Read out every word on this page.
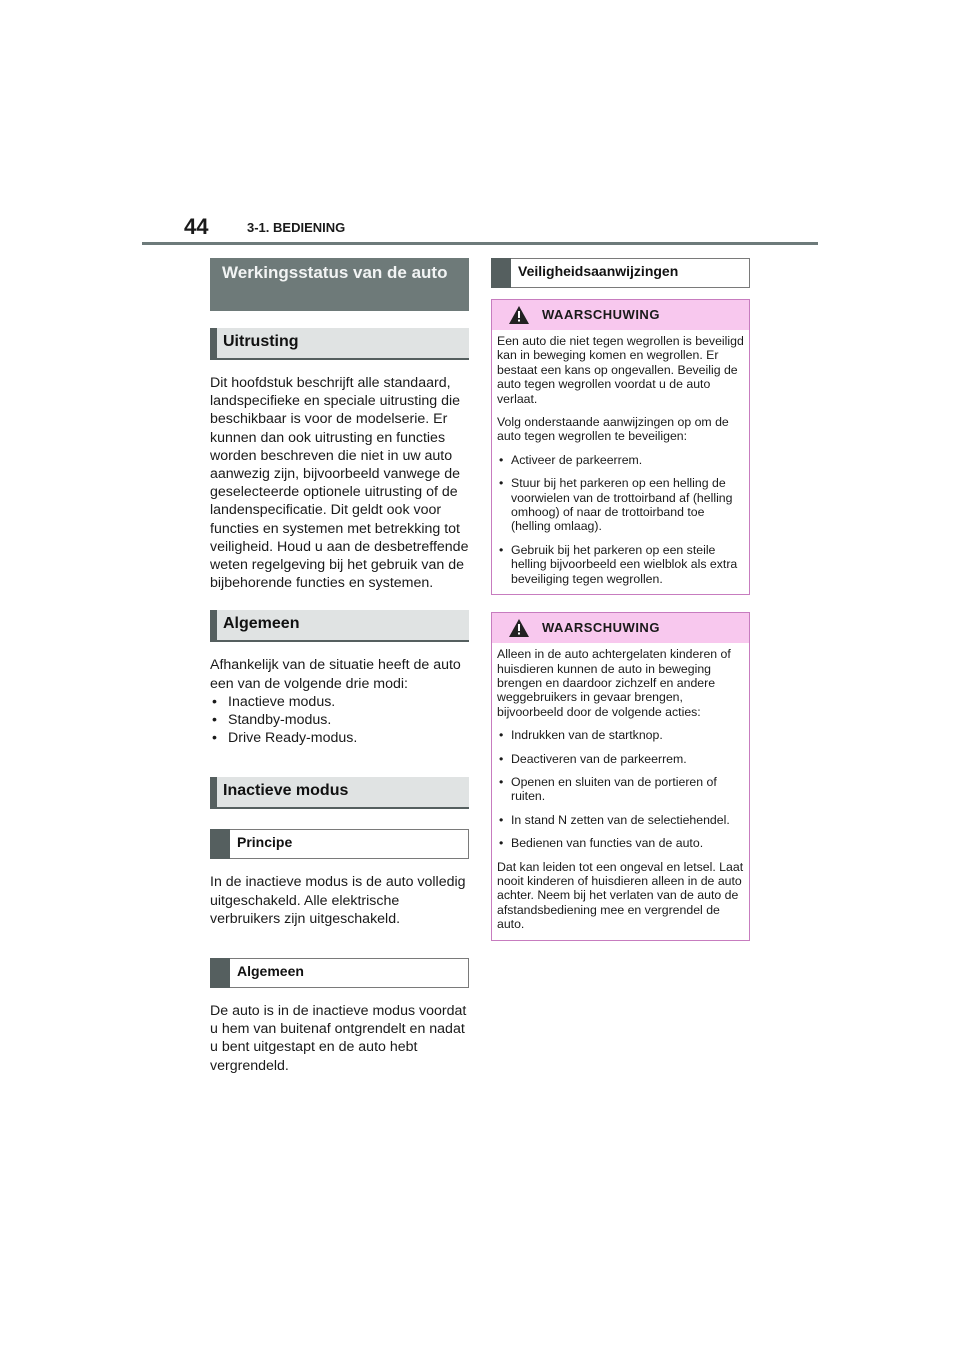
44	3-1. BEDIENING
Werkingsstatus van de auto
Uitrusting

Dit hoofdstuk beschrijft alle standaard, landspecifieke en speciale uitrusting die beschikbaar is voor de modelserie. Er kunnen dan ook uitrusting en functies worden beschreven die niet in uw auto aanwezig zijn, bijvoorbeeld vanwege de geselecteerde optionele uitrusting of de landenspecificatie. Dit geldt ook voor functies en systemen met betrekking tot veiligheid. Houd u aan de desbetreffende weten regelgeving bij het gebruik van de bijbehorende functies en systemen.

Algemeen

Afhankelijk van de situatie heeft de auto een van de volgende drie modi:

• Inactieve modus.
• Standby-modus.
• Drive Ready-modus.
Inactieve modus
Principe

In de inactieve modus is de auto volledig uitgeschakeld. Alle elektrische verbruikers zijn uitgeschakeld.

Algemeen

De auto is in de inactieve modus voordat u hem van buitenaf ontgrendelt en nadat u bent uitgestapt en de auto hebt vergrendeld.

Veiligheidsaanwijzingen
WAARSCHUWING

Een auto die niet tegen wegrollen is beveiligd kan in beweging komen en wegrollen. Er bestaat een kans op ongevallen. Beveilig de auto tegen wegrollen voordat u de auto verlaat.

Volg onderstaande aanwijzingen op om de auto tegen wegrollen te beveiligen:

• Activeer de parkeerrem.
• Stuur bij het parkeren op een helling de voorwielen van de trottoirband af (helling omhoog) of naar de trottoirband toe (helling omlaag).
• Gebruik bij het parkeren op een steile helling bijvoorbeeld een wielblok als extra beveiliging tegen wegrollen.
WAARSCHUWING

Alleen in de auto achtergelaten kinderen of huisdieren kunnen de auto in beweging brengen en daardoor zichzelf en andere weggebruikers in gevaar brengen, bijvoorbeeld door de volgende acties:

• Indrukken van de startknop.
• Deactiveren van de parkeerrem.
• Openen en sluiten van de portieren of ruiten.
• In stand N zetten van de selectiehendel.
• Bedienen van functies van de auto.

Dat kan leiden tot een ongeval en letsel. Laat nooit kinderen of huisdieren alleen in de auto achter. Neem bij het verlaten van de auto de afstandsbediening mee en vergrendel de auto.
